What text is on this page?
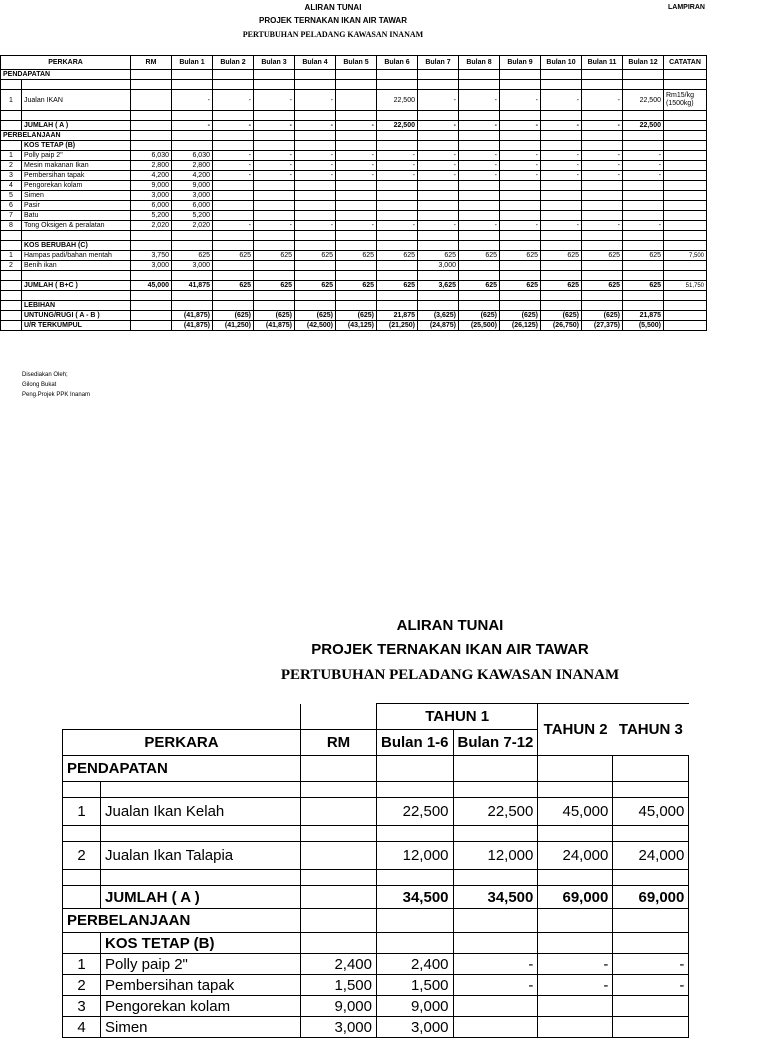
LAMPIRAN
ALIRAN TUNAI
PROJEK TERNAKAN IKAN AIR TAWAR
PERTUBUHAN PELADANG KAWASAN INANAM
PERKARA		RM	Bulan 1	Bulan 2	Bulan 3	Bulan 4	Bulan 5	Bulan 6	Bulan 7	Bulan 8	Bulan 9	Bulan 10	Bulan 11	Bulan 12	CATATAN
PENDAPATAN															

1	Jualan IKAN		-	-	-	-		22,500	-	-	-	-	-	22,500	Rm15/kg (1500kg)

	JUMLAH ( A )		-	-	-	-	-	22,500	-	-	-	-	-	22,500	
PERBELANJAAN															
	KOS TETAP (B)														
1	Polly paip 2"	6,030	6,030	-	-	-	-	-	-	-	-	-	-	-	
2	Mesin makanan Ikan	2,800	2,800	-	-	-	-	-	-	-	-	-	-	-	
3	Pembersihan tapak	4,200	4,200	-	-	-	-	-	-	-	-	-	-	-	
4	Pengorekan kolam	9,000	9,000												
5	Simen	3,000	3,000												
6	Pasir	6,000	6,000												
7	Batu	5,200	5,200												
8	Tong Oksigen & peralatan	2,020	2,020	-	-	-	-	-	-	-	-	-	-	-	

	KOS BERUBAH (C)														
1	Hampas padi/bahan mentah	3,750	625	625	625	625	625	625	625	625	625	625	625	625	7,500
2	Benih ikan	3,000	3,000						3,000						

	JUMLAH ( B+C )	45,000	41,875	625	625	625	625	625	3,625	625	625	625	625	625	51,750

	LEBIHAN														
	UNTUNG/RUGI ( A - B )		(41,875)	(625)	(625)	(625)	(625)	21,875	(3,625)	(625)	(625)	(625)	(625)	21,875	
	U/R TERKUMPUL		(41,875)	(41,250)	(41,875)	(42,500)	(43,125)	(21,250)	(24,875)	(25,500)	(26,125)	(26,750)	(27,375)	(5,500)	
Disediakan Oleh;
Gilong Bukat
Peng.Projek PPK Inanam
ALIRAN TUNAI
PROJEK TERNAKAN IKAN AIR TAWAR
PERTUBUHAN PELADANG KAWASAN INANAM
			TAHUN 1		TAHUN 2	TAHUN 3
PERKARA		RM	Bulan 1-6	Bulan 7-12		
PENDAPATAN						

1	Jualan Ikan Kelah		22,500	22,500	45,000	45,000

2	Jualan Ikan Talapia		12,000	12,000	24,000	24,000

	JUMLAH ( A )		34,500	34,500	69,000	69,000
PERBELANJAAN						
	KOS TETAP (B)					
1	Polly paip 2"	2,400	2,400	-	-	-
2	Pembersihan tapak	1,500	1,500	-	-	-
3	Pengorekan kolam	9,000	9,000			
4	Simen	3,000	3,000			
